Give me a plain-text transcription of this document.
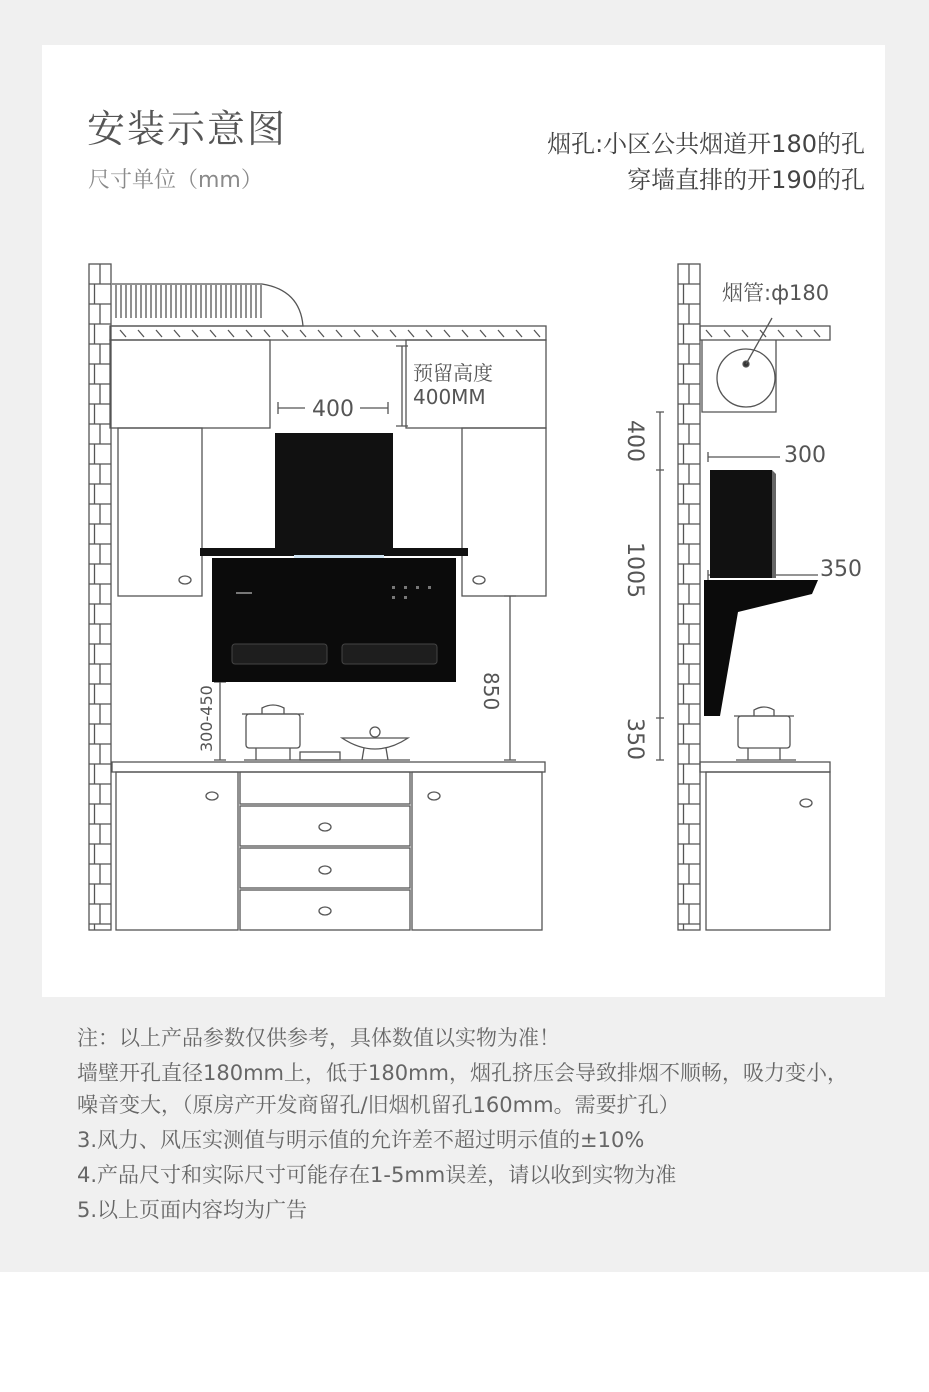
安装示意图
尺寸单位（mm）
烟孔:小区公共烟道开180的孔
穿墙直排的开190的孔
400
预留高度
400MM
850
300-450
烟管:ф180
300
350
400
1005
350
注：以上产品参数仅供参考，具体数值以实物为准！
墙壁开孔直径180mm上，低于180mm，烟孔挤压会导致排烟不顺畅，吸力变小，噪音变大，（原房产开发商留孔/旧烟机留孔160mm。需要扩孔）
3.风力、风压实测值与明示值的允许差不超过明示值的±10%
4.产品尺寸和实际尺寸可能存在1-5mm误差，请以收到实物为准
5.以上页面内容均为广告
